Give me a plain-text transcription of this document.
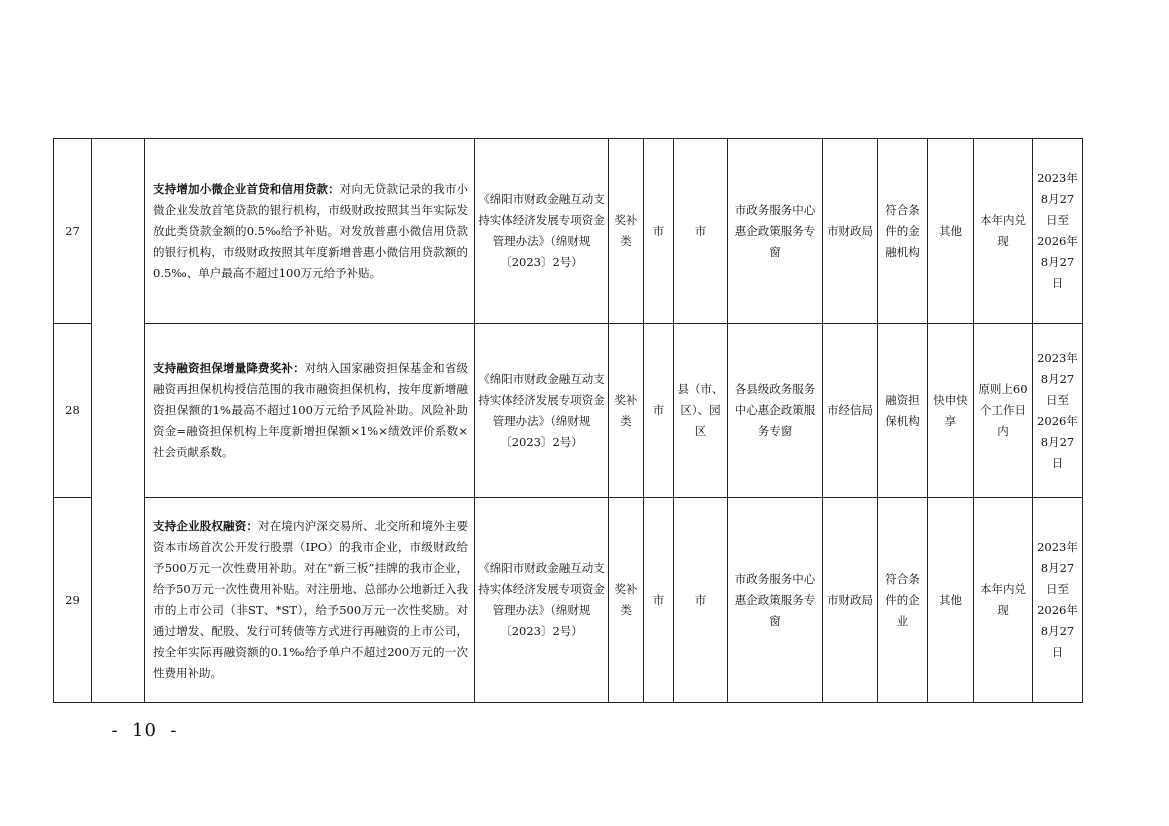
27		支持增加小微企业首贷和信用贷款：对向无贷款记录的我市小微企业发放首笔贷款的银行机构，市级财政按照其当年实际发放此类贷款金额的0.5‰给予补贴。对发放普惠小微信用贷款的银行机构，市级财政按照其年度新增普惠小微信用贷款额的0.5‰、单户最高不超过100万元给予补贴。	《绵阳市财政金融互动支持实体经济发展专项资金管理办法》（绵财规〔2023〕2号）	奖补类	市	市	市政务服务中心惠企政策服务专窗	市财政局	符合条件的金融机构	其他	本年内兑现	2023年8月27日至2026年8月27日
28		支持融资担保增量降费奖补：对纳入国家融资担保基金和省级融资再担保机构授信范围的我市融资担保机构，按年度新增融资担保额的1%最高不超过100万元给予风险补助。风险补助资金=融资担保机构上年度新增担保额×1%×绩效评价系数×社会贡献系数。	《绵阳市财政金融互动支持实体经济发展专项资金管理办法》（绵财规〔2023〕2号）	奖补类	市	县（市、区）、园区	各县级政务服务中心惠企政策服务专窗	市经信局	融资担保机构	快申快享	原则上60个工作日内	2023年8月27日至2026年8月27日
29		支持企业股权融资：对在境内沪深交易所、北交所和境外主要资本市场首次公开发行股票（IPO）的我市企业，市级财政给予500万元一次性费用补助。对在“新三板”挂牌的我市企业，给予50万元一次性费用补贴。对注册地、总部办公地新迁入我市的上市公司（非ST、*ST），给予500万元一次性奖励。对通过增发、配股、发行可转债等方式进行再融资的上市公司，按全年实际再融资额的0.1‰给予单户不超过200万元的一次性费用补助。	《绵阳市财政金融互动支持实体经济发展专项资金管理办法》（绵财规〔2023〕2号）	奖补类	市	市	市政务服务中心惠企政策服务专窗	市财政局	符合条件的企业	其他	本年内兑现	2023年8月27日至2026年8月27日
- 10 -
